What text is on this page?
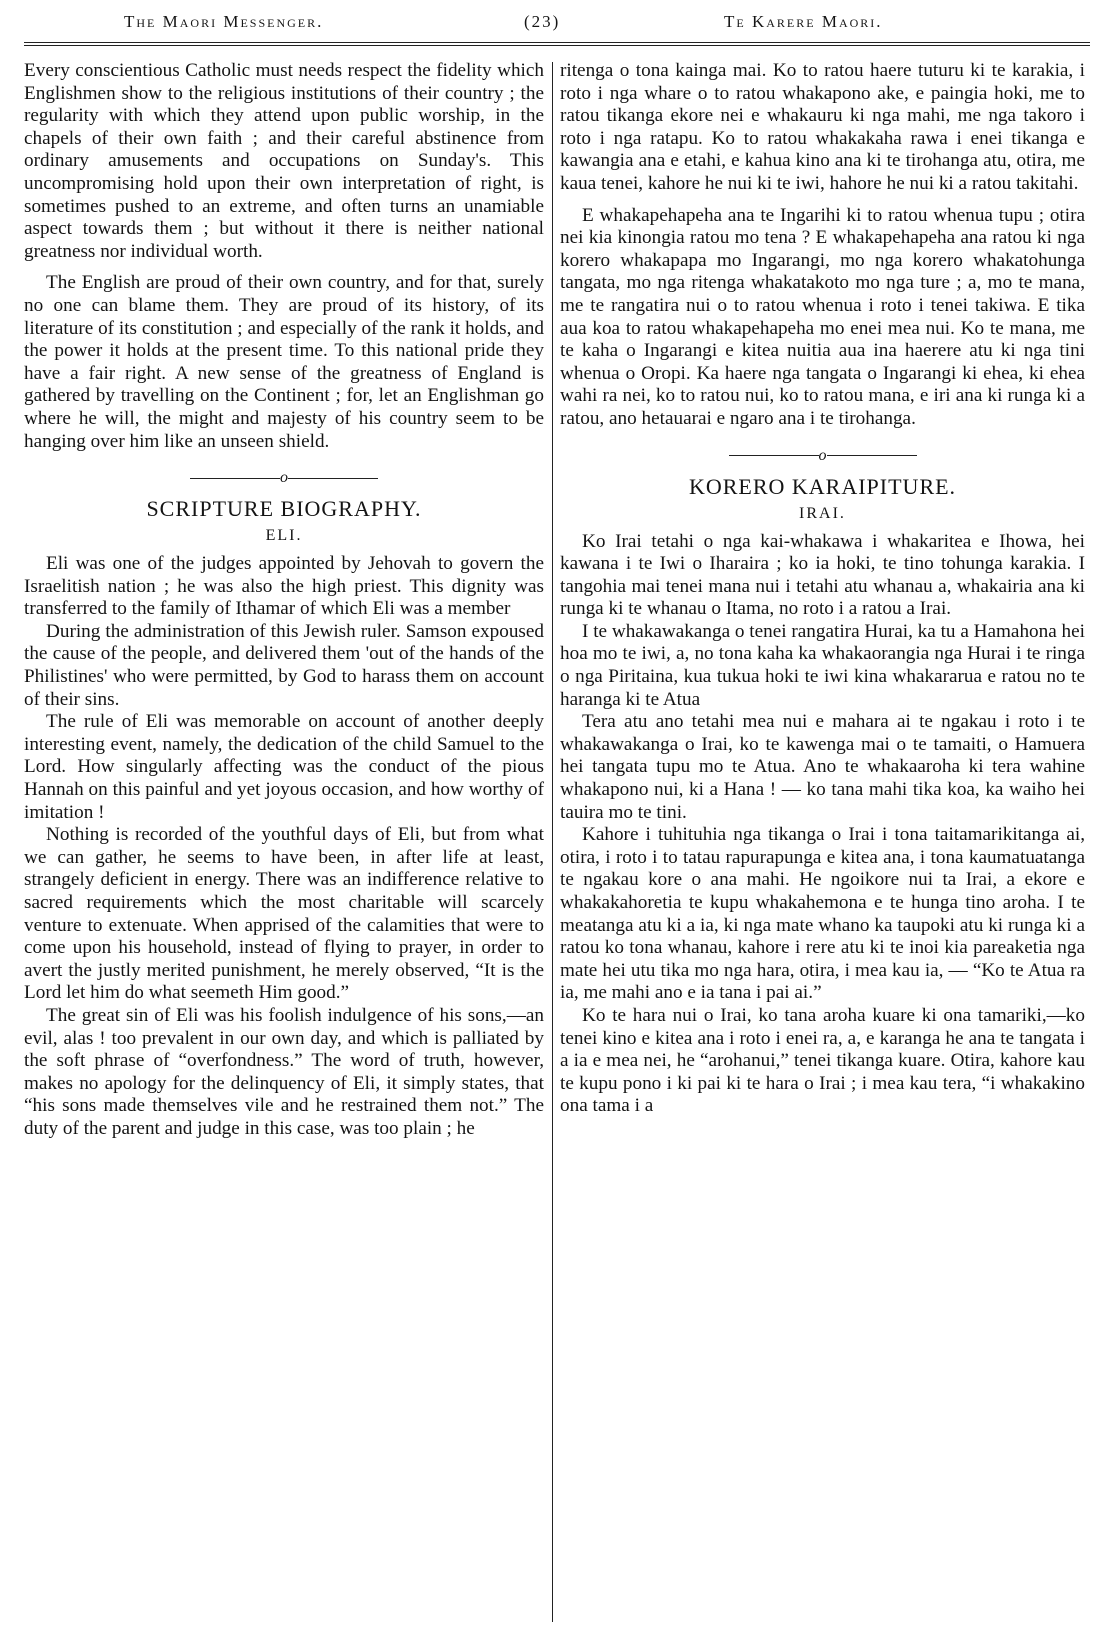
The Maori Messenger.	(23)	Te Karere Maori.

Every conscientious Catholic must needs respect the fidelity which Englishmen show to the religious institutions of their country ; the regularity with which they attend upon public worship, in the chapels of their own faith ; and their careful abstinence from ordinary amusements and occupations on Sunday's. This uncompromising hold upon their own interpretation of right, is sometimes pushed to an extreme, and often turns an unamiable aspect towards them ; but without it there is neither national greatness nor individual worth.

The English are proud of their own country, and for that, surely no one can blame them. They are proud of its history, of its literature of its constitution ; and especially of the rank it holds, and the power it holds at the present time. To this national pride they have a fair right. A new sense of the greatness of England is gathered by travelling on the Continent ; for, let an Englishman go where he will, the might and majesty of his country seem to be hanging over him like an unseen shield.

o
SCRIPTURE BIOGRAPHY.
ELI.

Eli was one of the judges appointed by Jehovah to govern the Israelitish nation ; he was also the high priest. This dignity was transferred to the family of Ithamar of which Eli was a member

During the administration of this Jewish ruler. Samson expoused the cause of the people, and delivered them 'out of the hands of the Philistines' who were permitted, by God to harass them on account of their sins.

The rule of Eli was memorable on account of another deeply interesting event, namely, the dedication of the child Samuel to the Lord. How singularly affecting was the conduct of the pious Hannah on this painful and yet joyous occasion, and how worthy of imitation !

Nothing is recorded of the youthful days of Eli, but from what we can gather, he seems to have been, in after life at least, strangely deficient in energy. There was an indifference relative to sacred requirements which the most charitable will scarcely venture to extenuate. When apprised of the calamities that were to come upon his household, instead of flying to prayer, in order to avert the justly merited punishment, he merely observed, “It is the Lord let him do what seemeth Him good.”

The great sin of Eli was his foolish indulgence of his sons,—an evil, alas ! too prevalent in our own day, and which is palliated by the soft phrase of “overfondness.” The word of truth, however, makes no apology for the delinquency of Eli, it simply states, that “his sons made themselves vile and he restrained them not.” The duty of the parent and judge in this case, was too plain ; he

ritenga o tona kainga mai. Ko to ratou haere tuturu ki te karakia, i roto i nga whare o to ratou whakapono ake, e paingia hoki, me to ratou tikanga ekore nei e whakauru ki nga mahi, me nga takoro i roto i nga ratapu. Ko to ratou whakakaha rawa i enei tikanga e kawangia ana e etahi, e kahua kino ana ki te tirohanga atu, otira, me kaua tenei, kahore he nui ki te iwi, hahore he nui ki a ratou takitahi.

E whakapehapeha ana te Ingarihi ki to ratou whenua tupu ; otira nei kia kinongia ratou mo tena ? E whakapehapeha ana ratou ki nga korero whakapapa mo Ingarangi, mo nga korero whakatohunga tangata, mo nga ritenga whakatakoto mo nga ture ; a, mo te mana, me te rangatira nui o to ratou whenua i roto i tenei takiwa. E tika aua koa to ratou whakapehapeha mo enei mea nui. Ko te mana, me te kaha o Ingarangi e kitea nuitia aua ina haerere atu ki nga tini whenua o Oropi. Ka haere nga tangata o Ingarangi ki ehea, ki ehea wahi ra nei, ko to ratou nui, ko to ratou mana, e iri ana ki runga ki a ratou, ano hetauarai e ngaro ana i te tirohanga.

o
KORERO KARAIPITURE.
IRAI.

Ko Irai tetahi o nga kai-whakawa i whakaritea e Ihowa, hei kawana i te Iwi o Iharaira ; ko ia hoki, te tino tohunga karakia. I tangohia mai tenei mana nui i tetahi atu whanau a, whakairia ana ki runga ki te whanau o Itama, no roto i a ratou a Irai.

I te whakawakanga o tenei rangatira Hurai, ka tu a Hamahona hei hoa mo te iwi, a, no tona kaha ka whakaorangia nga Hurai i te ringa o nga Piritaina, kua tukua hoki te iwi kina whakararua e ratou no te haranga ki te Atua

Tera atu ano tetahi mea nui e mahara ai te ngakau i roto i te whakawakanga o Irai, ko te kawenga mai o te tamaiti, o Hamuera hei tangata tupu mo te Atua. Ano te whakaaroha ki tera wahine whakapono nui, ki a Hana ! — ko tana mahi tika koa, ka waiho hei tauira mo te tini.

Kahore i tuhituhia nga tikanga o Irai i tona taitamarikitanga ai, otira, i roto i to tatau rapurapunga e kitea ana, i tona kaumatuatanga te ngakau kore o ana mahi. He ngoikore nui ta Irai, a ekore e whakakahoretia te kupu whakahemona e te hunga tino aroha. I te meatanga atu ki a ia, ki nga mate whano ka taupoki atu ki runga ki a ratou ko tona whanau, kahore i rere atu ki te inoi kia pareaketia nga mate hei utu tika mo nga hara, otira, i mea kau ia, — “Ko te Atua ra ia, me mahi ano e ia tana i pai ai.”

Ko te hara nui o Irai, ko tana aroha kuare ki ona tamariki,—ko tenei kino e kitea ana i roto i enei ra, a, e karanga he ana te tangata i a ia e mea nei, he “arohanui,” tenei tikanga kuare. Otira, kahore kau te kupu pono i ki pai ki te hara o Irai ; i mea kau tera, “i whakakino ona tama i a
